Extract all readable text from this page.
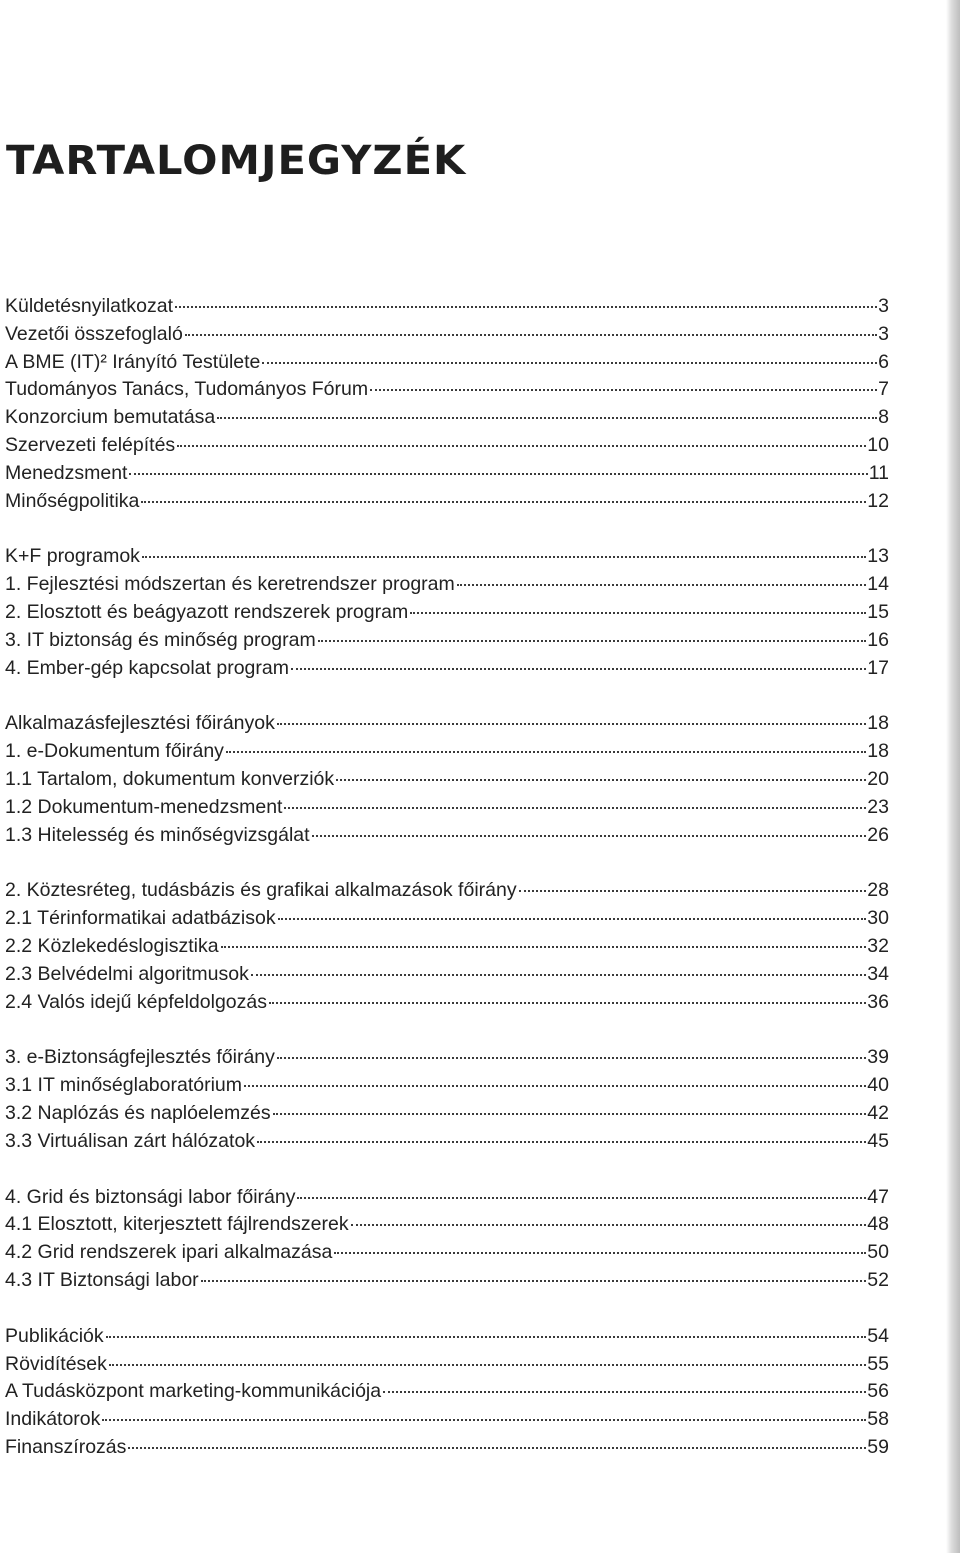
TARTALOMJEGYZÉK
Küldetésnyilatkozat	3
Vezetői összefoglaló	3
A BME (IT)² Irányító Testülete	6
Tudományos Tanács, Tudományos Fórum	7
Konzorcium bemutatása	8
Szervezeti felépítés	10
Menedzsment	11
Minőségpolitika	12
K+F programok	13
1. Fejlesztési módszertan és keretrendszer program	14
2. Elosztott és beágyazott rendszerek program	15
3. IT biztonság és minőség program	16
4. Ember-gép kapcsolat program	17
Alkalmazásfejlesztési főirányok	18
1. e-Dokumentum főirány	18
1.1 Tartalom, dokumentum konverziók	20
1.2 Dokumentum-menedzsment	23
1.3 Hitelesség és minőségvizsgálat	26
2. Köztesréteg, tudásbázis és grafikai alkalmazások főirány	28
2.1 Térinformatikai adatbázisok	30
2.2 Közlekedéslogisztika	32
2.3 Belvédelmi algoritmusok	34
2.4 Valós idejű képfeldolgozás	36
3. e-Biztonságfejlesztés főirány	39
3.1 IT minőséglaboratórium	40
3.2 Naplózás és naplóelemzés	42
3.3 Virtuálisan zárt hálózatok	45
4. Grid és biztonsági labor főirány	47
4.1 Elosztott, kiterjesztett fájlrendszerek	48
4.2 Grid rendszerek ipari alkalmazása	50
4.3 IT Biztonsági labor	52
Publikációk	54
Rövidítések	55
A Tudásközpont marketing-kommunikációja	56
Indikátorok	58
Finanszírozás	59
